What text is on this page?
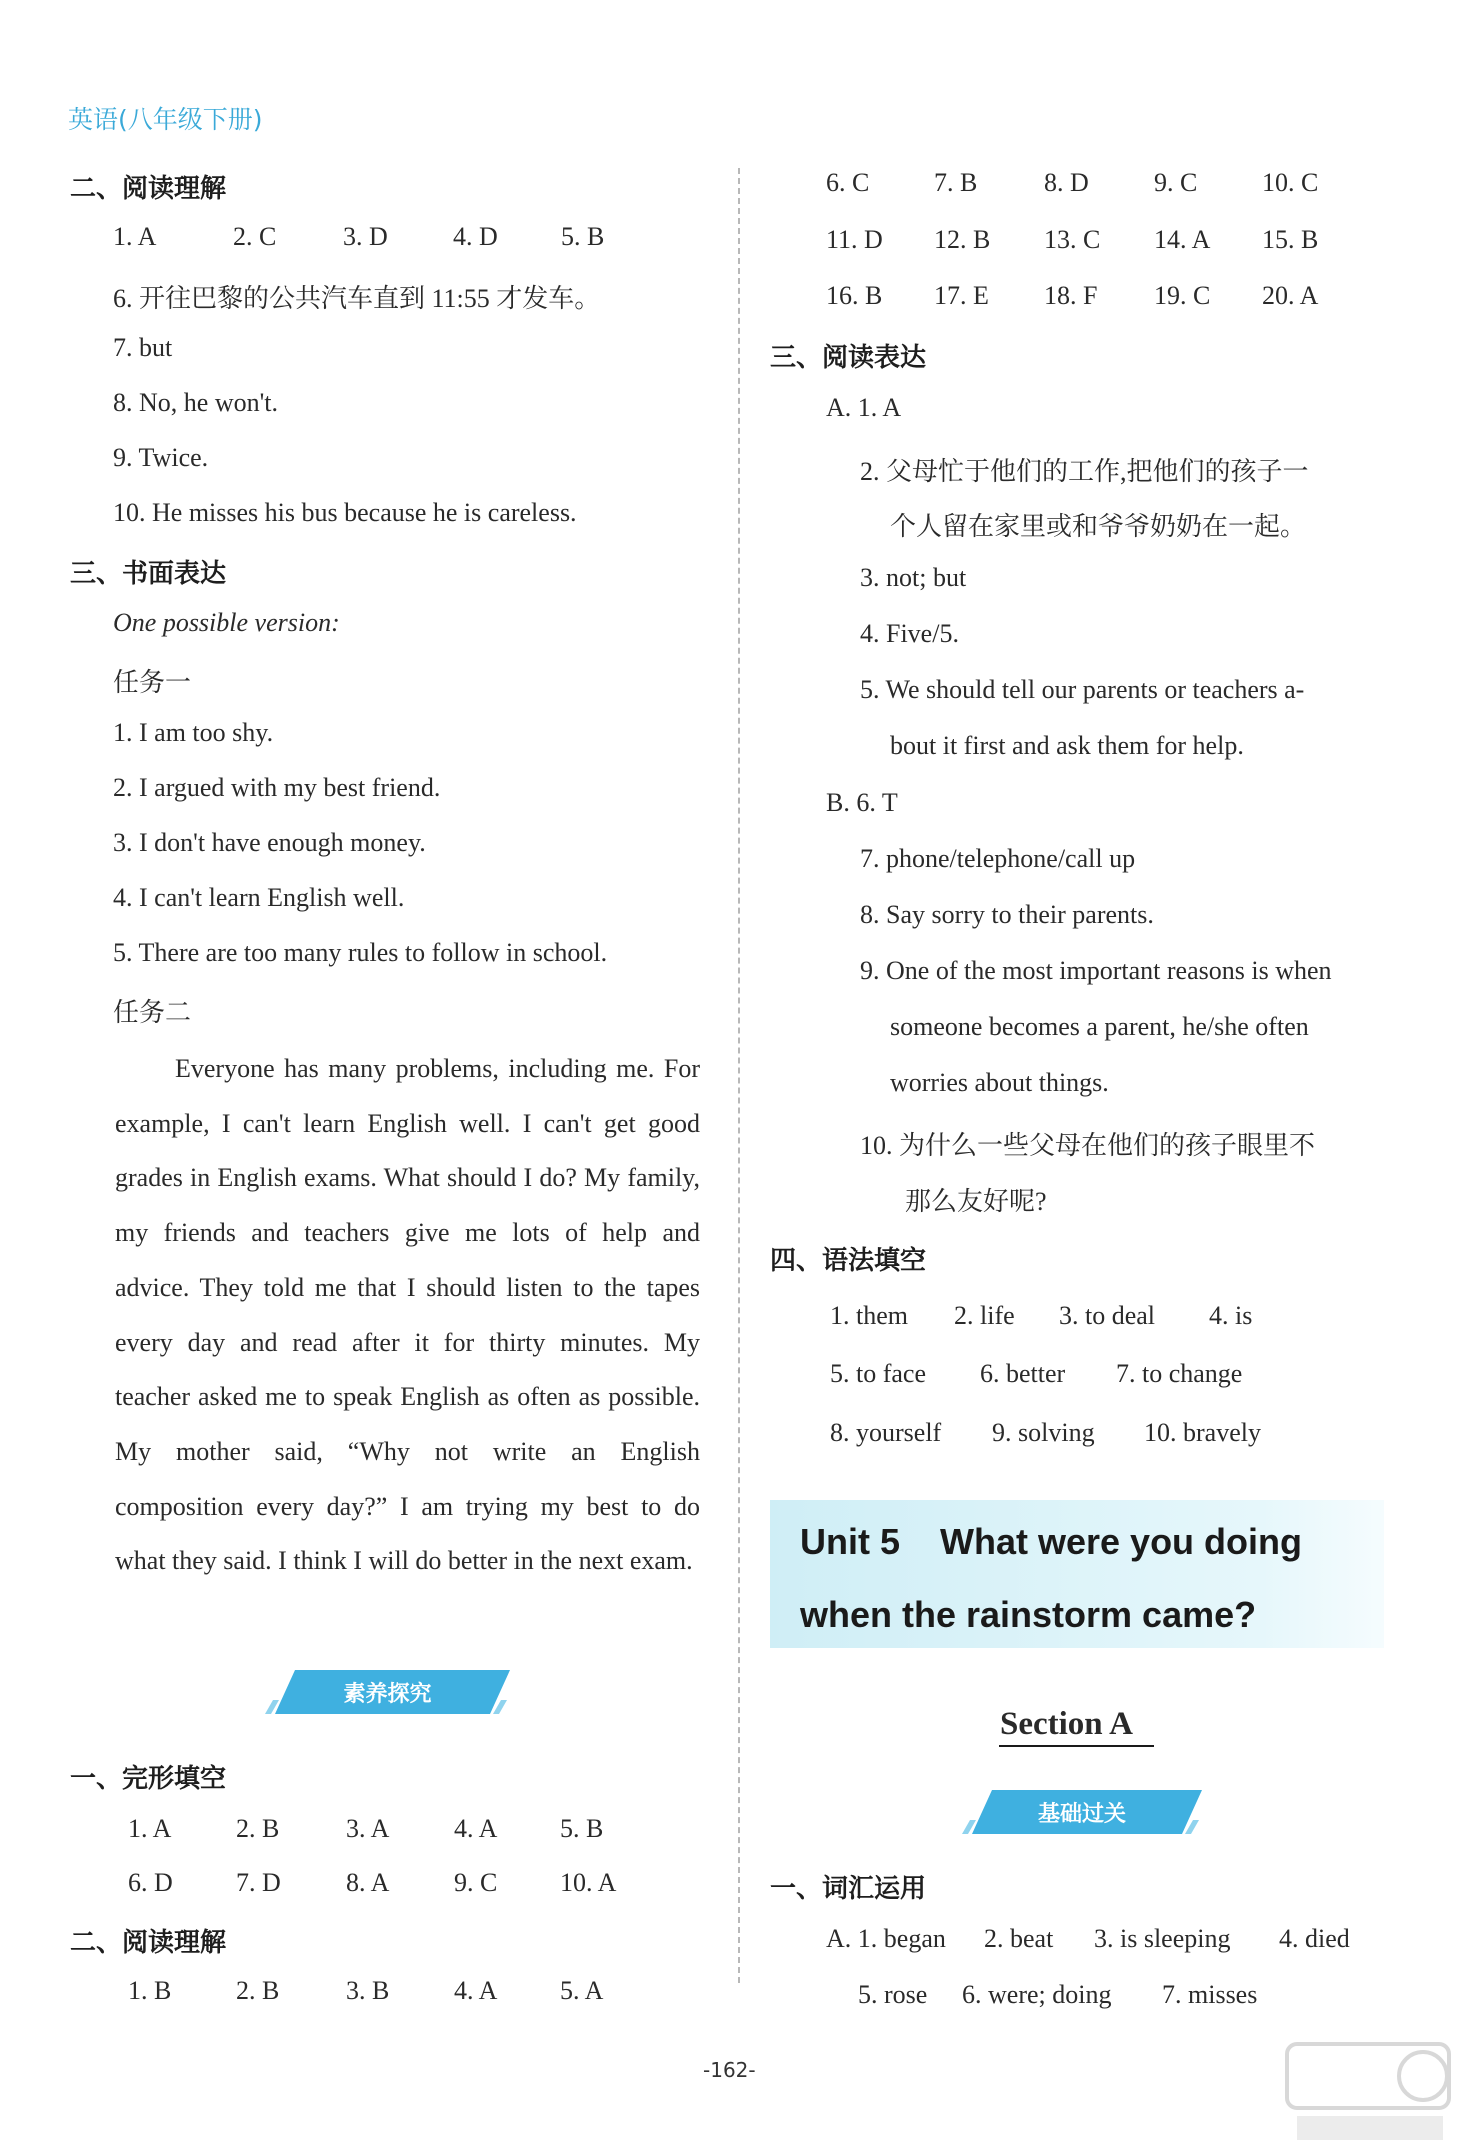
英语(八年级下册)
二、阅读理解
1. A	2. C	3. D	4. D	5. B
6. 开往巴黎的公共汽车直到 11:55 才发车。
7. but
8. No, he won't.
9. Twice.
10. He misses his bus because he is careless.
三、书面表达
One possible version:
任务一
1. I am too shy.
2. I argued with my best friend.
3. I don't have enough money.
4. I can't learn English well.
5. There are too many rules to follow in school.
任务二

Everyone has many problems, including me. For example, I can't learn English well. I can't get good grades in English exams. What should I do? My family, my friends and teachers give me lots of help and advice. They told me that I should listen to the tapes every day and read after it for thirty minutes. My teacher asked me to speak English as often as possible. My mother said, “Why not write an English composition every day?” I am trying my best to do what they said. I think I will do better in the next exam.

素养探究
一、完形填空
1. A	2. B	3. A	4. A	5. B
6. D	7. D	8. A	9. C	10. A
二、阅读理解
1. B	2. B	3. B	4. A	5. A
6. C	7. B	8. D	9. C	10. C
11. D	12. B	13. C	14. A	15. B
16. B	17. E	18. F	19. C	20. A
三、阅读表达
A. 1. A
2. 父母忙于他们的工作,把他们的孩子一
个人留在家里或和爷爷奶奶在一起。
3. not; but
4. Five/5.
5. We should tell our parents or teachers a-
bout it first and ask them for help.
B. 6. T
7. phone/telephone/call up
8. Say sorry to their parents.
9. One of the most important reasons is when
someone becomes a parent, he/she often
worries about things.
10. 为什么一些父母在他们的孩子眼里不
那么友好呢?
四、语法填空
1. them	2. life	3. to deal	4. is
5. to face	6. better	7. to change
8. yourself	9. solving	10. bravely
Unit 5    What were you doing
when the rainstorm came?
Section A
基础过关
一、词汇运用
A. 1. began	2. beat	3. is sleeping	4. died
5. rose	6. were; doing	7. misses
-162-
